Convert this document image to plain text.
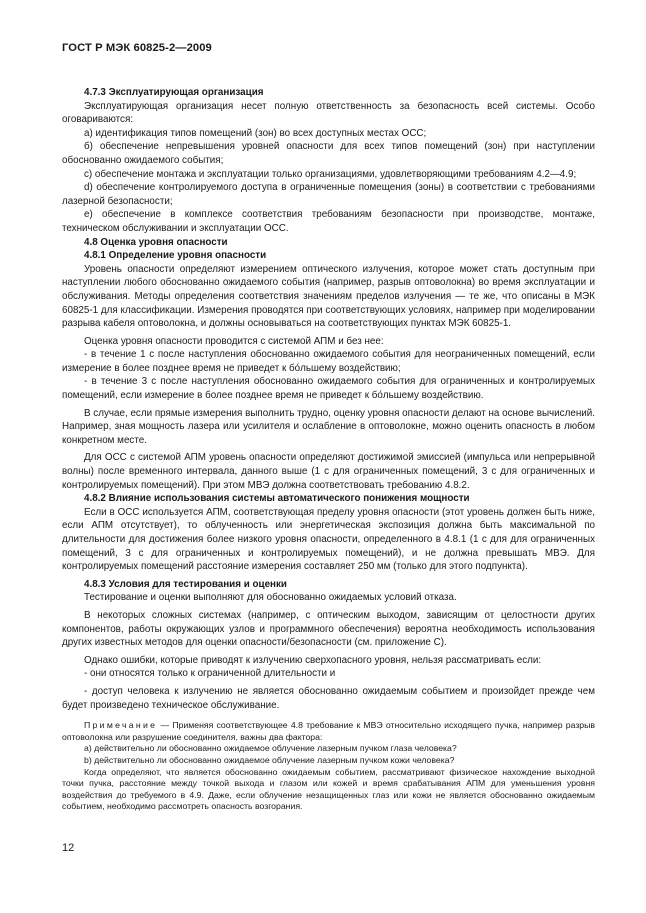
ГОСТ Р МЭК 60825-2—2009

4.7.3 Эксплуатирующая организация

Эксплуатирующая организация несет полную ответственность за безопасность всей системы. Особо оговариваются:

а) идентификация типов помещений (зон) во всех доступных местах ОСС;

б) обеспечение непревышения уровней опасности для всех типов помещений (зон) при наступлении обоснованно ожидаемого события;

с) обеспечение монтажа и эксплуатации только организациями, удовлетворяющими требованиям 4.2—4.9;

d) обеспечение контролируемого доступа в ограниченные помещения (зоны) в соответствии с требованиями лазерной безопасности;

е) обеспечение в комплексе соответствия требованиям безопасности при производстве, монтаже, техническом обслуживании и эксплуатации ОСС.

4.8 Оценка уровня опасности

4.8.1 Определение уровня опасности

Уровень опасности определяют измерением оптического излучения, которое может стать доступным при наступлении любого обоснованно ожидаемого события (например, разрыв оптоволокна) во время эксплуатации и обслуживания. Методы определения соответствия значениям пределов излучения — те же, что описаны в МЭК 60825-1 для классификации. Измерения проводятся при соответствующих условиях, например при моделировании разрыва кабеля оптоволокна, и должны основываться на соответствующих пунктах МЭК 60825-1.

Оценка уровня опасности проводится с системой АПМ и без нее:

- в течение 1 с после наступления обоснованно ожидаемого события для неограниченных помещений, если измерение в более позднее время не приведет к бо́льшему воздействию;

- в течение 3 с после наступления обоснованно ожидаемого события для ограниченных и контролируемых помещений, если измерение в более позднее время не приведет к бо́льшему воздействию.

В случае, если прямые измерения выполнить трудно, оценку уровня опасности делают на основе вычислений. Например, зная мощность лазера или усилителя и ослабление в оптоволокне, можно оценить опасность в любом конкретном месте.

Для ОСС с системой АПМ уровень опасности определяют достижимой эмиссией (импульса или непрерывной волны) после временного интервала, данного выше (1 с для ограниченных помещений, 3 с для ограниченных и контролируемых помещений). При этом МВЭ должна соответствовать требованию 4.8.2.

4.8.2 Влияние использования системы автоматического понижения мощности

Если в ОСС используется АПМ, соответствующая пределу уровня опасности (этот уровень должен быть ниже, если АПМ отсутствует), то облученность или энергетическая экспозиция должна быть максимальной по длительности для достижения более низкого уровня опасности, определенного в 4.8.1 (1 с для для ограниченных помещений, 3 с для ограниченных и контролируемых помещений), и не должна превышать МВЭ. Для контролируемых помещений расстояние измерения составляет 250 мм (только для этого подпункта).

4.8.3 Условия для тестирования и оценки

Тестирование и оценки выполняют для обоснованно ожидаемых условий отказа.

В некоторых сложных системах (например, с оптическим выходом, зависящим от целостности других компонентов, работы окружающих узлов и программного обеспечения) вероятна необходимость использования других известных методов для оценки опасности/безопасности (см. приложение С).

Однако ошибки, которые приводят к излучению сверхопасного уровня, нельзя рассматривать если:

- они относятся только к ограниченной длительности и

- доступ человека к излучению не является обоснованно ожидаемым событием и произойдет прежде чем будет произведено техническое обслуживание.

Примечание — Применяя соответствующее 4.8 требование к МВЭ относительно исходящего пучка, например разрыв оптоволокна или разрушение соединителя, важны два фактора:

а) действительно ли обоснованно ожидаемое облучение лазерным пучком глаза человека?

b) действительно ли обоснованно ожидаемое облучение лазерным пучком кожи человека?

Когда определяют, что является обоснованно ожидаемым событием, рассматривают физическое нахождение выходной точки пучка, расстояние между точкой выхода и глазом или кожей и время срабатывания АПМ для уменьшения уровня воздействия до требуемого в 4.9. Даже, если облучение незащищенных глаз или кожи не является обоснованно ожидаемым событием, необходимо рассмотреть опасность возгорания.

12
